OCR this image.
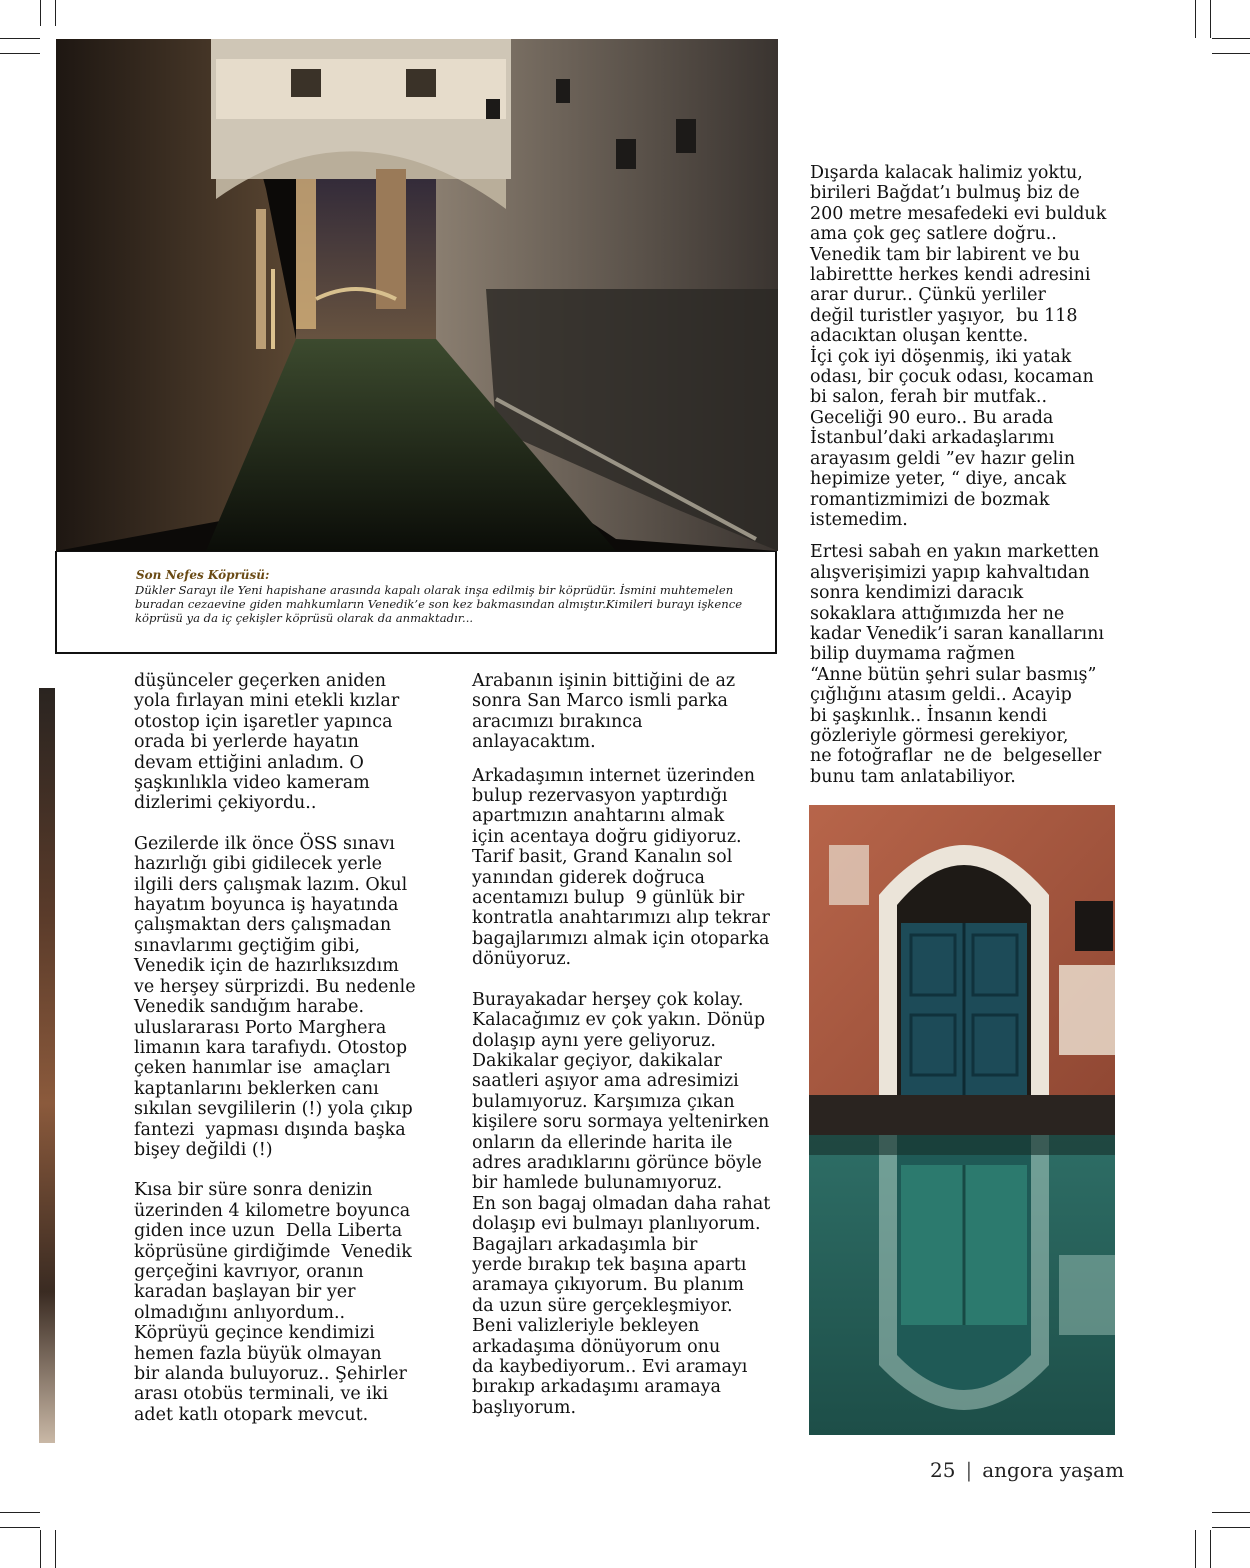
Son Nefes Köprüsü:
Dükler Sarayı ile Yeni hapishane arasında kapalı olarak inşa edilmiş bir köprüdür. İsmini muhtemelen buradan cezaevine giden mahkumların Venedik’e son kez bakmasından almıştır.Kimileri burayı işkence köprüsü ya da iç çekişler köprüsü olarak da anmaktadır...

düşünceler geçerken aniden
yola fırlayan mini etekli kızlar
otostop için işaretler yapınca
orada bi yerlerde hayatın
devam ettiğini anladım. O
şaşkınlıkla video kameram
dizlerimi çekiyordu..

Gezilerde ilk önce ÖSS sınavı
hazırlığı gibi gidilecek yerle
ilgili ders çalışmak lazım. Okul
hayatım boyunca iş hayatında
çalışmaktan ders çalışmadan
sınavlarımı geçtiğim gibi,
Venedik için de hazırlıksızdım
ve herşey sürprizdi. Bu nedenle
Venedik sandığım harabe.
uluslararası Porto Marghera
limanın kara tarafıydı. Otostop
çeken hanımlar ise  amaçları
kaptanlarını beklerken canı
sıkılan sevgililerin (!) yola çıkıp
fantezi  yapması dışında başka
bişey değildi (!)

Kısa bir süre sonra denizin
üzerinden 4 kilometre boyunca
giden ince uzun  Della Liberta
köprüsüne girdiğimde  Venedik
gerçeğini kavrıyor, oranın
karadan başlayan bir yer
olmadığını anlıyordum..
Köprüyü geçince kendimizi
hemen fazla büyük olmayan
bir alanda buluyoruz.. Şehirler
arası otobüs terminali, ve iki
adet katlı otopark mevcut.

Arabanın işinin bittiğini de az
sonra San Marco ismli parka
aracımızı bırakınca
anlayacaktım.

Arkadaşımın internet üzerinden
bulup rezervasyon yaptırdığı
apartmızın anahtarını almak
için acentaya doğru gidiyoruz.
Tarif basit, Grand Kanalın sol
yanından giderek doğruca
acentamızı bulup  9 günlük bir
kontratla anahtarımızı alıp tekrar
bagajlarımızı almak için otoparka
dönüyoruz.

Burayakadar herşey çok kolay.
Kalacağımız ev çok yakın. Dönüp
dolaşıp aynı yere geliyoruz.
Dakikalar geçiyor, dakikalar
saatleri aşıyor ama adresimizi
bulamıyoruz. Karşımıza çıkan
kişilere soru sormaya yeltenirken
onların da ellerinde harita ile
adres aradıklarını görünce böyle
bir hamlede bulunamıyoruz.
En son bagaj olmadan daha rahat
dolaşıp evi bulmayı planlıyorum.
Bagajları arkadaşımla bir
yerde bırakıp tek başına apartı
aramaya çıkıyorum. Bu planım
da uzun süre gerçekleşmiyor.
Beni valizleriyle bekleyen
arkadaşıma dönüyorum onu
da kaybediyorum.. Evi aramayı
bırakıp arkadaşımı aramaya
başlıyorum.

Dışarda kalacak halimiz yoktu,
birileri Bağdat’ı bulmuş biz de
200 metre mesafedeki evi bulduk
ama çok geç satlere doğru..
Venedik tam bir labirent ve bu
labirettte herkes kendi adresini
arar durur.. Çünkü yerliler
değil turistler yaşıyor,  bu 118
adacıktan oluşan kentte.
İçi çok iyi döşenmiş, iki yatak
odası, bir çocuk odası, kocaman
bi salon, ferah bir mutfak..
Geceliği 90 euro.. Bu arada
İstanbul’daki arkadaşlarımı
arayasım geldi ”ev hazır gelin
hepimize yeter, “ diye, ancak
romantizmimizi de bozmak
istemedim.

Ertesi sabah en yakın marketten
alışverişimizi yapıp kahvaltıdan
sonra kendimizi daracık
sokaklara attığımızda her ne
kadar Venedik’i saran kanallarını
bilip duymama rağmen
“Anne bütün şehri sular basmış”
çığlığını atasım geldi.. Acayip
bi şaşkınlık.. İnsanın kendi
gözleriyle görmesi gerekiyor,
ne fotoğraflar  ne de  belgeseller
bunu tam anlatabiliyor.

25 | angora yaşam
